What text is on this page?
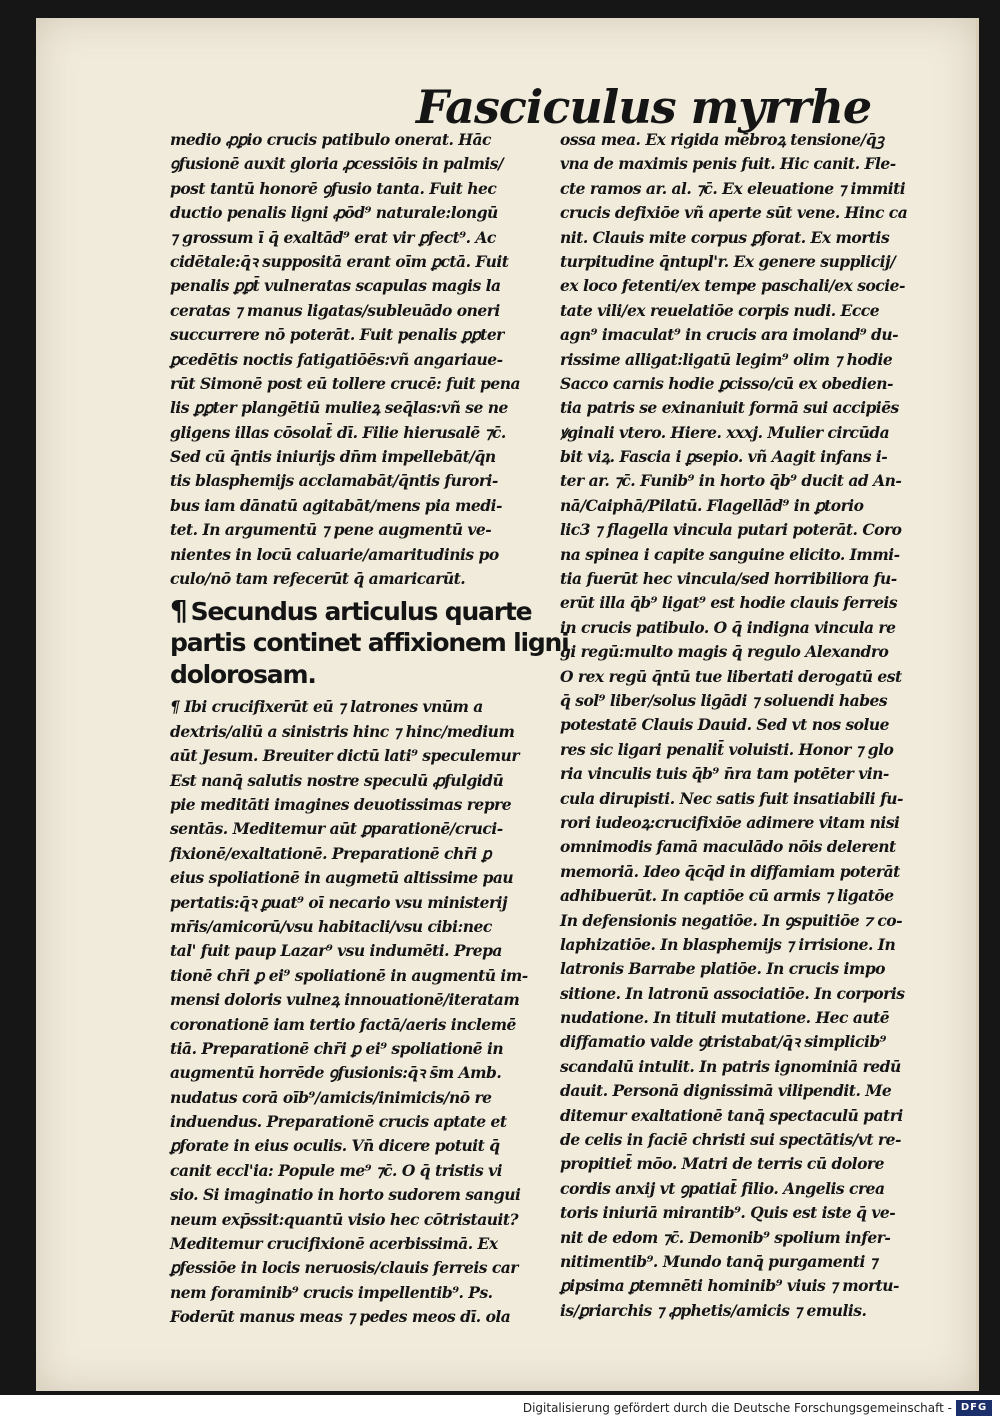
Fasciculus myrrhe
medio ꝓꝑio crucis patibulo onerat. Hāc
ꝯfusionē auxit gloria ꝓcessiōis in palmis/
post tantū honorē ꝯfusio tanta. Fuit hec
ductio penalis ligni ꝓōd⁹ naturale:longū
⁊ grossum ī q̄ exaltād⁹ erat vir ꝑfect⁹. Ac
cidētale:q̄ꝛ suppositā erant oīm ꝑctā. Fuit
penalis ꝑꝑt̄ vulneratas scapulas magis la
ceratas ⁊ manus ligatas/subleuādo oneri
succurrere nō poterāt. Fuit penalis ꝑꝑter
ꝑcedētis noctis fatigatiōēs:vñ angariaue-
rūt Simonē post eū tollere crucē: fuit pena
lis ꝑꝑter plangētiū mulieꝝ seq̄las:vñ se ne
gligens illas cōsolat̄ dī. Filie hierusalē ⁊c̄.
Sed cū q̄ntis iniurijs dn̄m impellebāt/q̄n
tis blasphemijs acclamabāt/q̄ntis furori-
bus iam dānatū agitabāt/mens pia medi-
tet. In argumentū ⁊ pene augmentū ve-
nientes in locū caluarie/amaritudinis po
culo/nō tam refecerūt q̄ amaricarūt.
¶ Secundus articulus quarte
partis continet affixionem ligni
dolorosam.
¶ Ibi crucifixerūt eū ⁊ latrones vnūm a
dextris/aliū a sinistris hinc ⁊ hinc/medium
aūt Jesum. Breuiter dictū lati⁹ speculemur
Est nanq̄ salutis nostre speculū ꝓfulgidū
pie meditāti imagines deuotissimas repre
sentās. Meditemur aūt ꝑparationē/cruci-
fixionē/exaltationē. Preparationē chr̄i ꝑ
eius spoliationē in augmetū altissime pau
pertatis:q̄ꝛ ꝑuat⁹ oī necario vsu ministerij
mr̄is/amicorū/vsu habitacli/vsu cibi:nec
tal' fuit paup Lazar⁹ vsu indumēti. Prepa
tionē chr̄i ꝑ ei⁹ spoliationē in augmentū im-
mensi doloris vulneꝝ innouationē/iteratam
coronationē iam tertio factā/aeris inclemē
tiā. Preparationē chr̄i ꝑ ei⁹ spoliationē in
augmentū horrēde ꝯfusionis:q̄ꝛ s̄m Amb.
nudatus corā oīb⁹/amicis/inimicis/nō re
induendus. Preparationē crucis aptate et
ꝑforate in eius oculis. Vn̄ dicere potuit q̄
canit eccl'ia: Popule me⁹ ⁊c̄. O q̄ tristis vi
sio. Si imaginatio in horto sudorem sangui
neum exp̄ssit:quantū visio hec cōtristauit?
Meditemur crucifixionē acerbissimā. Ex
ꝑfessiōe in locis neruosis/clauis ferreis car
nem foraminib⁹ crucis impellentib⁹. Ps.
Foderūt manus meas ⁊ pedes meos dī. ola
ossa mea. Ex rigida mēbroꝝ tensione/q̄ꝫ
vna de maximis penis fuit. Hic canit. Fle-
cte ramos ar. al. ⁊c̄. Ex eleuatione ⁊ immiti
crucis defixiōe vñ aperte sūt vene. Hinc ca
nit. Clauis mite corpus ꝑforat. Ex mortis
turpitudine q̄ntupl'r. Ex genere supplicij/
ex loco fetenti/ex tempe paschali/ex socie-
tate vili/ex reuelatiōe corpis nudi. Ecce
agn⁹ imaculat⁹ in crucis ara imoland⁹ du-
rissime alligat:ligatū legim⁹ olim ⁊ hodie
Sacco carnis hodie ꝑcisso/cū ex obedien-
tia patris se exinaniuit formā sui accipiēs
ꝟginali vtero. Hiere. xxxj. Mulier circūda
bit viꝝ. Fascia i ꝑsepio. vñ Aagit infans i-
ter ar. ⁊c̄. Funib⁹ in horto q̄b⁹ ducit ad An-
nā/Caiphā/Pilatū. Flagellād⁹ in ꝑtorio
lic3 ⁊ flagella vincula putari poterāt. Coro
na spinea i capite sanguine elicito. Immi-
tia fuerūt hec vincula/sed horribiliora fu-
erūt illa q̄b⁹ ligat⁹ est hodie clauis ferreis
in crucis patibulo. O q̄ indigna vincula re
gi regū:multo magis q̄ regulo Alexandro
O rex regū q̄ntū tue libertati derogatū est
q̄ sol⁹ liber/solus ligādi ⁊ soluendi habes
potestatē Clauis Dauid. Sed vt nos solue
res sic ligari penalit̄ voluisti. Honor ⁊ glo
ria vinculis tuis q̄b⁹ n̄ra tam potēter vin-
cula dirupisti. Nec satis fuit insatiabili fu-
rori iudeoꝝ:crucifixiōe adimere vitam nisi
omnimodis famā maculādo nōis delerent
memoriā. Ideo q̄cq̄d in diffamiam poterāt
adhibuerūt. In captiōe cū armis ⁊ ligatōe
In defensionis negatiōe. In ꝯspuitiōe ⁊ co-
laphizatiōe. In blasphemijs ⁊ irrisione. In
latronis Barrabe platiōe. In crucis impo
sitione. In latronū associatiōe. In corporis
nudatione. In tituli mutatione. Hec autē
diffamatio valde ꝯtristabat/q̄ꝛ simplicib⁹
scandalū intulit. In patris ignominiā redū
dauit. Personā dignissimā vilipendit. Me
ditemur exaltationē tanq̄ spectaculū patri
de celis in faciē christi sui spectātis/vt re-
propitiet̄ mōo. Matri de terris cū dolore
cordis anxij vt ꝯpatiat̄ filio. Angelis crea
toris iniuriā mirantib⁹. Quis est iste q̄ ve-
nit de edom ⁊c̄. Demonib⁹ spolium infer-
nitimentib⁹. Mundo tanq̄ purgamenti ⁊
ꝑipsima ꝑtemnēti hominib⁹ viuis ⁊ mortu-
is/ꝑriarchis ⁊ ꝓphetis/amicis ⁊ emulis.
Digitalisierung gefördert durch die Deutsche Forschungsgemeinschaft - DFG
